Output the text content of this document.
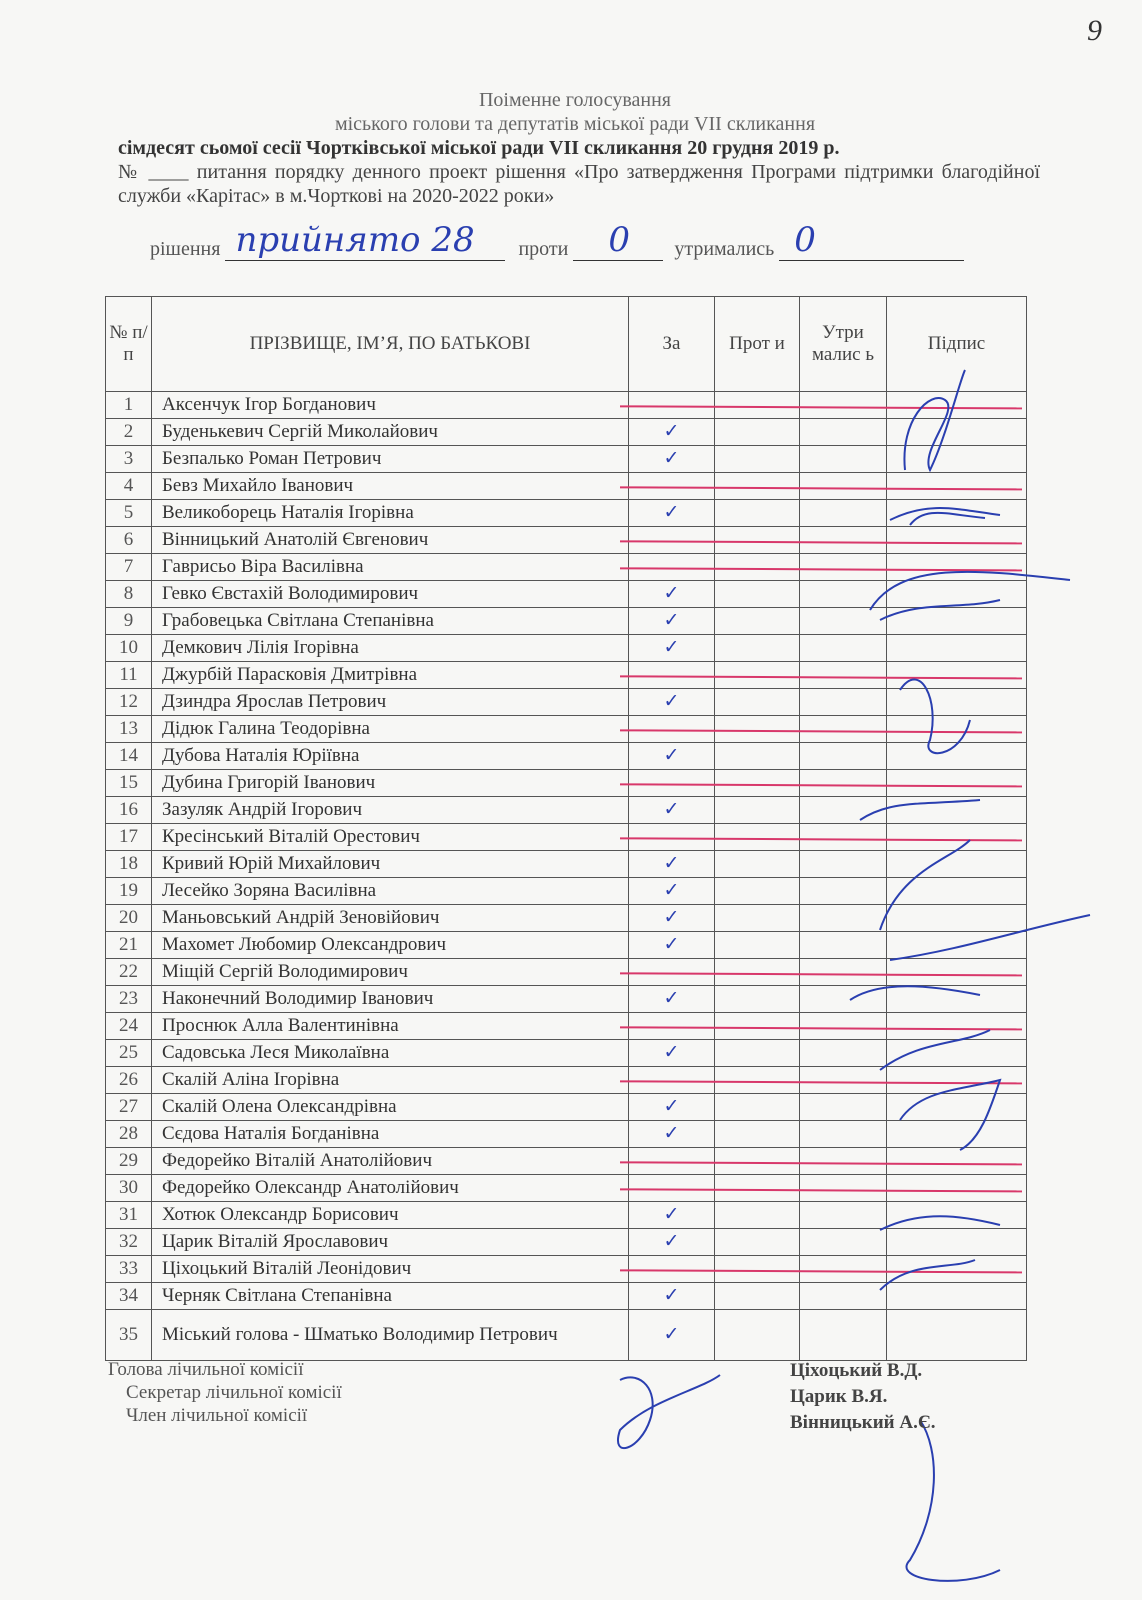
9
Поіменне голосування
міського голови та депутатів міської ради VII скликання
сімдесят сьомої сесії Чортківської міської ради VII скликання 20 грудня 2019 р.
№ ____ питання порядку денного проект рішення «Про затвердження Програми підтримки благодійної служби «Карітас» в м.Чорткові на 2020-2022 роки»
рішення прийнято 28 проти 0 утримались 0
№ п/п	ПРІЗВИЩЕ, ІМ’Я, ПО БАТЬКОВІ	За	Прот и	Утри малис ь	Підпис
1	Аксенчук Ігор Богданович				
2	Буденькевич Сергій Миколайович	✓			
3	Безпалько Роман Петрович	✓			
4	Бевз Михайло Іванович				
5	Великоборець Наталія Ігорівна	✓			
6	Вінницький Анатолій Євгенович				
7	Гаврисьо Віра Василівна				
8	Гевко Євстахій Володимирович	✓			
9	Грабовецька Світлана Степанівна	✓			
10	Демкович Лілія Ігорівна	✓			
11	Джурбій Парасковія Дмитрівна				
12	Дзиндра Ярослав Петрович	✓			
13	Дідюк Галина Теодорівна				
14	Дубова Наталія Юріївна	✓			
15	Дубина Григорій Іванович				
16	Зазуляк Андрій Ігорович	✓			
17	Кресінський Віталій Орестович				
18	Кривий Юрій Михайлович	✓			
19	Лесейко Зоряна Василівна	✓			
20	Маньовський Андрій Зеновійович	✓			
21	Махомет Любомир Олександрович	✓			
22	Міщій Сергій Володимирович				
23	Наконечний Володимир Іванович	✓			
24	Проснюк Алла Валентинівна				
25	Садовська Леся Миколаївна	✓			
26	Скалій Аліна Ігорівна				
27	Скалій Олена Олександрівна	✓			
28	Сєдова Наталія Богданівна	✓			
29	Федорейко Віталій Анатолійович				
30	Федорейко Олександр Анатолійович				
31	Хотюк Олександр Борисович	✓			
32	Царик Віталій Ярославович	✓			
33	Ціхоцький Віталій Леонідович				
34	Черняк Світлана Степанівна	✓			
35	Міський голова - Шматько Володимир Петрович	✓			
Голова лічильної комісії
Секретар лічильної комісії
Член лічильної комісії
Ціхоцький В.Д.
Царик В.Я.
Вінницький А.Є.
